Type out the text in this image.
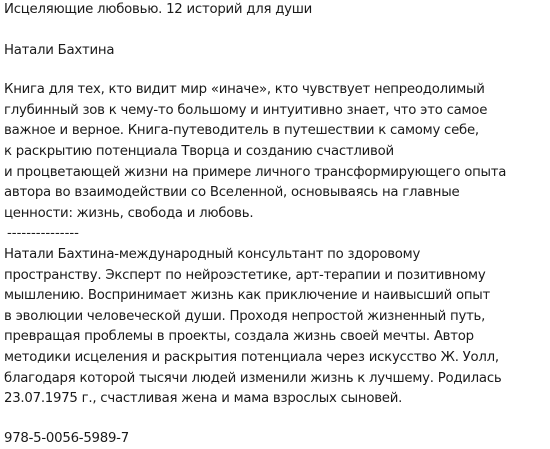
Исцеляющие любовью. 12 историй для души
Натали Бахтина
Книга для тех, кто видит мир «иначе», кто чувствует непреодолимый
глубинный зов к чему-то большому и интуитивно знает, что это самое
важное и верное. Книга-путеводитель в путешествии к самому себе,
к раскрытию потенциала Творца и созданию счастливой
и процветающей жизни на примере личного трансформирующего опыта
автора во взаимодействии со Вселенной, основываясь на главные
ценности: жизнь, свобода и любовь.
---------------
Натали Бахтина-международный консультант по здоровому
пространству. Эксперт по нейроэстетике, арт-терапии и позитивному
мышлению. Воспринимает жизнь как приключение и наивысший опыт
в эволюции человеческой души. Проходя непростой жизненный путь,
превращая проблемы в проекты, создала жизнь своей мечты. Автор
методики исцеления и раскрытия потенциала через искусство Ж. Уолл,
благодаря которой тысячи людей изменили жизнь к лучшему. Родилась
23.07.1975 г., счастливая жена и мама взрослых сыновей.
978-5-0056-5989-7
